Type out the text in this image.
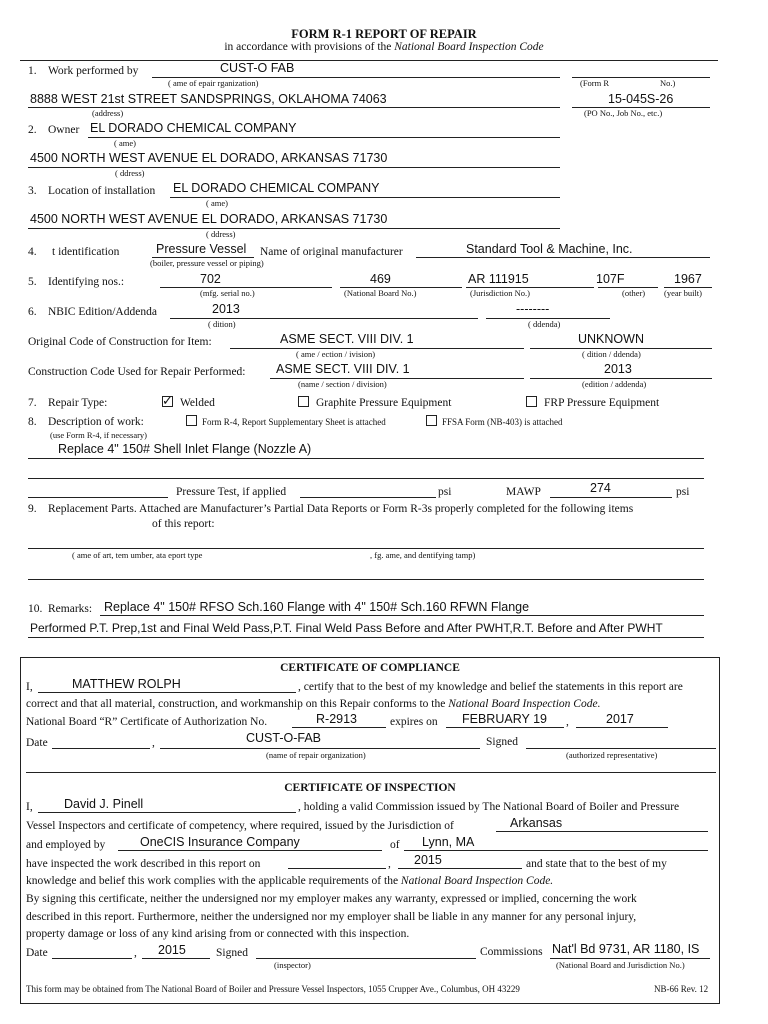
FORM R-1 REPORT OF REPAIR
in accordance with provisions of the National Board Inspection Code
1. Work performed by	CUST-O FAB
( ame of epair rganization)	(Form R	No.)
8888 WEST 21st STREET SANDSPRINGS, OKLAHOMA 74063
(address)
15-045S-26
(PO No., Job No., etc.)
2. Owner EL DORADO CHEMICAL COMPANY
( ame)
4500 NORTH WEST AVENUE EL DORADO, ARKANSAS 71730
( ddress)
3. Location of installation EL DORADO CHEMICAL COMPANY
( ame)
4500 NORTH WEST AVENUE EL DORADO, ARKANSAS 71730
( ddress)
4. t identification	Pressure Vessel
(boiler, pressure vessel or piping)
Name of original manufacturer	Standard Tool & Machine, Inc.
5. Identifying nos.:	702
(mfg. serial no.)
469
(National Board No.)
AR 111915
(Jurisdiction No.)
107F
(other)
1967
(year built)
6. NBIC Edition/Addenda	2013
( dition)
--------
( ddenda)
Original Code of Construction for Item:	ASME SECT. VIII DIV. 1
( ame / ection / ivision)
UNKNOWN
( dition / ddenda)
Construction Code Used for Repair Performed: ASME SECT. VIII DIV. 1
(name / section / division)
2013
(edition / addenda)
7. Repair Type:	✓ Welded	Graphite Pressure Equipment	FRP Pressure Equipment
8. Description of work:	Form R-4, Report Supplementary Sheet is attached	FFSA Form (NB-403) is attached
(use Form R-4, if necessary)
Replace 4" 150# Shell Inlet Flange (Nozzle A)
Pressure Test, if applied	psi	MAWP	274	psi
9. Replacement Parts. Attached are Manufacturer’s Partial Data Reports or Form R-3s properly completed for the following items
of this report:
( ame of art, tem umber, ata eport type	, fg. ame, and dentifying tamp)
10. Remarks: Replace 4" 150# RFSO Sch.160 Flange with 4" 150# Sch.160 RFWN Flange
Performed P.T. Prep,1st and Final Weld Pass,P.T. Final Weld Pass Before and After PWHT,R.T. Before and After PWHT
CERTIFICATE OF COMPLIANCE
I,	MATTHEW ROLPH	, certify that to the best of my knowledge and belief the statements in this report are
correct and that all material, construction, and workmanship on this Repair conforms to the National Board Inspection Code.
National Board “R” Certificate of Authorization No.	R-2913	expires on FEBRUARY 19 ,	2017
Date	,	CUST-O-FAB
(name of repair organization)
Signed
(authorized representative)
CERTIFICATE OF INSPECTION
I,	David J. Pinell	, holding a valid Commission issued by The National Board of Boiler and Pressure
Vessel Inspectors and certificate of competency, where required, issued by the Jurisdiction of	Arkansas
and employed by	OneCIS Insurance Company	of Lynn, MA
have inspected the work described in this report on	, 2015	and state that to the best of my
knowledge and belief this work complies with the applicable requirements of the National Board Inspection Code.
By signing this certificate, neither the undersigned nor my employer makes any warranty, expressed or implied, concerning the work
described in this report. Furthermore, neither the undersigned nor my employer shall be liable in any manner for any personal injury,
property damage or loss of any kind arising from or connected with this inspection.
Date	, 2015	Signed
(inspector)
Commissions Nat'l Bd 9731, AR 1180, IS
(National Board and Jurisdiction No.)
This form may be obtained from The National Board of Boiler and Pressure Vessel Inspectors, 1055 Crupper Ave., Columbus, OH 43229	NB-66 Rev. 12
